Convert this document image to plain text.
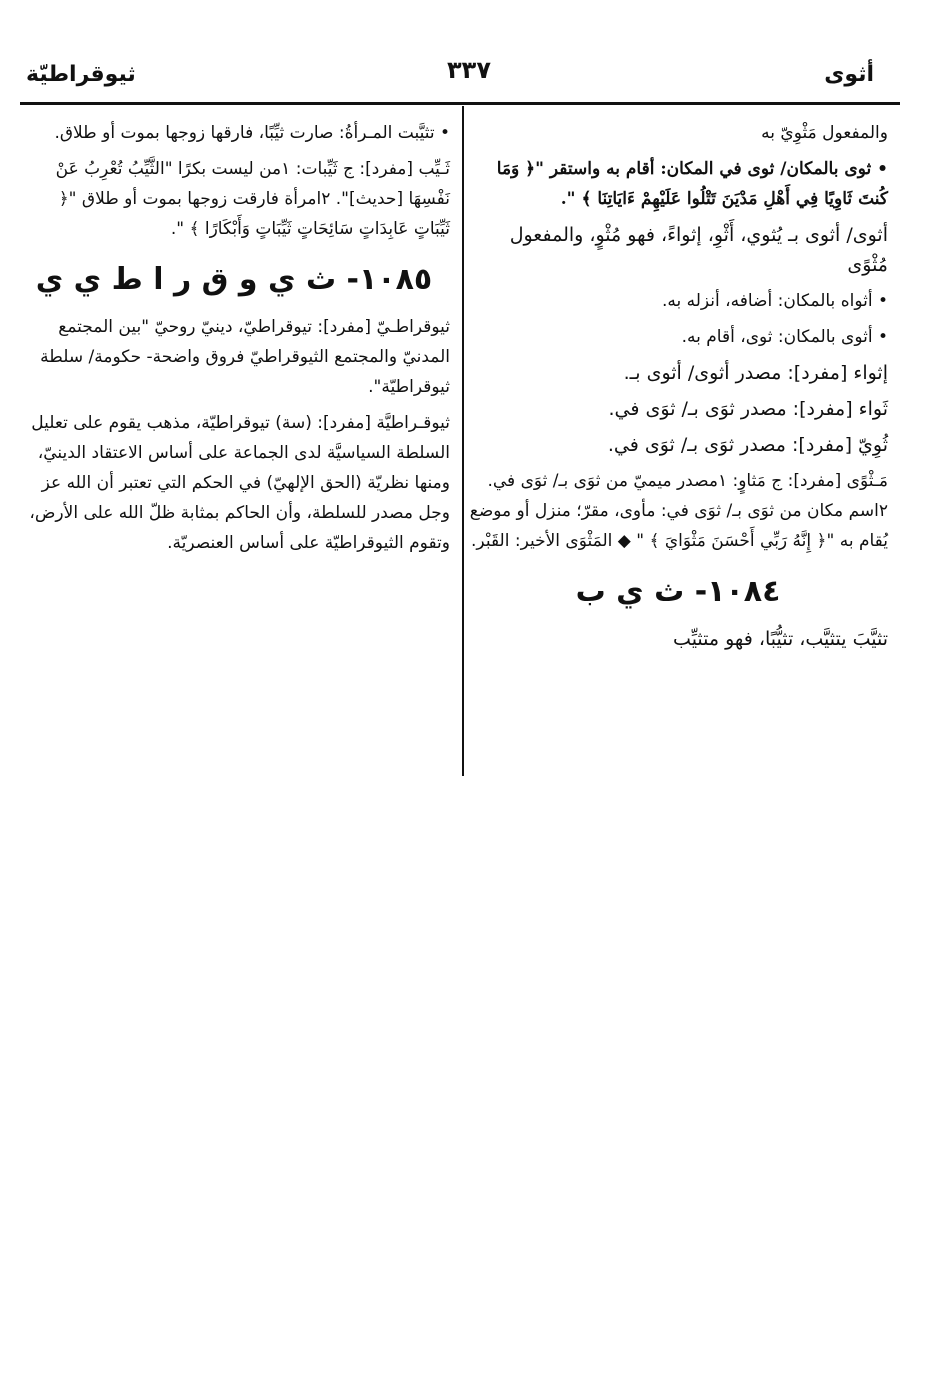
أثوى
٣٣٧
ثيوقراطيّة

والمفعول مَثْوِيّ به

• ثوى بالمكان/ ثوى في المكان: أقام به واستقر "﴿ وَمَا كُنتَ ثَاوِيًا فِي أَهْلِ مَدْيَنَ تَتْلُوا عَلَيْهِمْ ءَايَاتِنَا ﴾ ".

أثوى/ أثوى بـ يُثوي، أَثْوِ، إثواءً، فهو مُثْوٍ، والمفعول مُثْوًى

• أثواه بالمكان: أضافه، أنزله به.

• أثوى بالمكان: ثوى، أقام به.

إثواء [مفرد]: مصدر أثوى/ أثوى بـ.

ثَواء [مفرد]: مصدر ثوَى بـ/ ثوَى في.

ثُوِيّ [مفرد]: مصدر ثوَى بـ/ ثوَى في.

مَـثْوًى [مفرد]: ج مَثاوٍ: ١مصدر ميميّ من ثوَى بـ/ ثوَى في. ٢اسم مكان من ثوَى بـ/ ثوَى في: مأوى، مقرّ؛ منزل أو موضع يُقام به "﴿ إِنَّهُ رَبِّي أَحْسَنَ مَثْوَايَ ﴾ " ◆ المَثْوَى الأخير: القَبْر.

١٠٨٤- ث ي ب

تثيَّبَ يتثيَّب، تثيُّبًا، فهو متثيِّب

• تثيَّبت المـرأةُ: صارت ثيِّبًا، فارقها زوجها بموت أو طلاق.

ثَـيِّب [مفرد]: ج ثَيِّبات: ١من ليست بكرًا "الثَّيِّبُ تُعْرِبُ عَنْ نَفْسِهَا [حديث]". ٢امرأة فارقت زوجها بموت أو طلاق "﴿ ثَيِّبَاتٍ عَابِدَاتٍ سَائِحَاتٍ ثَيِّبَاتٍ وَأَبْكَارًا ﴾ ".

١٠٨٥- ث ي و ق ر ا ط ي ي

ثيوقراطـيّ [مفرد]: تيوقراطيّ، دينيّ روحيّ "بين المجتمع المدنيّ والمجتمع الثيوقراطيّ فروق واضحة- حكومة/ سلطة ثيوقراطيّة".

ثيوقـراطيَّة [مفرد]: (سة) تيوقراطيّة، مذهب يقوم على تعليل السلطة السياسيَّة لدى الجماعة على أساس الاعتقاد الدينيّ، ومنها نظريّة (الحق الإلهيّ) في الحكم التي تعتبر أن الله عز وجل مصدر للسلطة، وأن الحاكم بمثابة ظلّ الله على الأرض، وتقوم الثيوقراطيّة على أساس العنصريّة.
